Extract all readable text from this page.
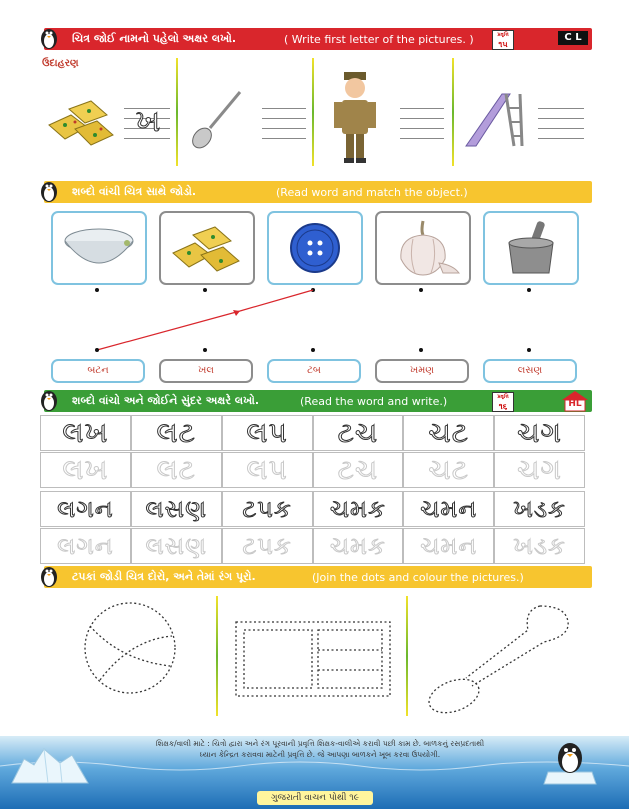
ચિત્ર જોઈ નામનો પહેલો અક્ષર લખો.	( Write first letter of the pictures. )	પ્રવૃત્તિ
૧૫
C L
ઉદાહરણ
ખ
શબ્દો વાંચી ચિત્ર સાથે જોડો.	(Read word and match the object.)
બટન	ખલ	ટબ	ખમણ	લસણ
શબ્દો વાંચો અને જોઈને સુંદર અક્ષરે લખો.	(Read the word and write.)	પ્રવૃત્તિ
૧૬	HL
લખ	લટ	લપ	ટચ	ચટ	ચગ
લખ	લટ	લપ	ટચ	ચટ	ચગ
લગન	લસણ	ટપક	ચમક	ચમન	ખડક
લગન	લસણ	ટપક	ચમક	ચમન	ખડક
ટપકાં જોડી ચિત્ર દોરો, અને તેમાં રંગ પૂરો.	(Join the dots and colour the pictures.)
શિક્ષક/વાલી માટે : ચિત્રો દ્વારા અને રંગ પૂરવાની પ્રવૃત્તિ શિક્ષક-વાલીએ કરાવી પછી કામ છે. બાળકનું રસપ્રદતાથી
ધ્યાન કેન્દ્રિત કરાવવા માટેની પ્રવૃત્તિ છે. જે આપણા બાળકને ખૂબ કરવા ઉપયોગી.
ગુજરાતી વાચન પોથી ૧૯
